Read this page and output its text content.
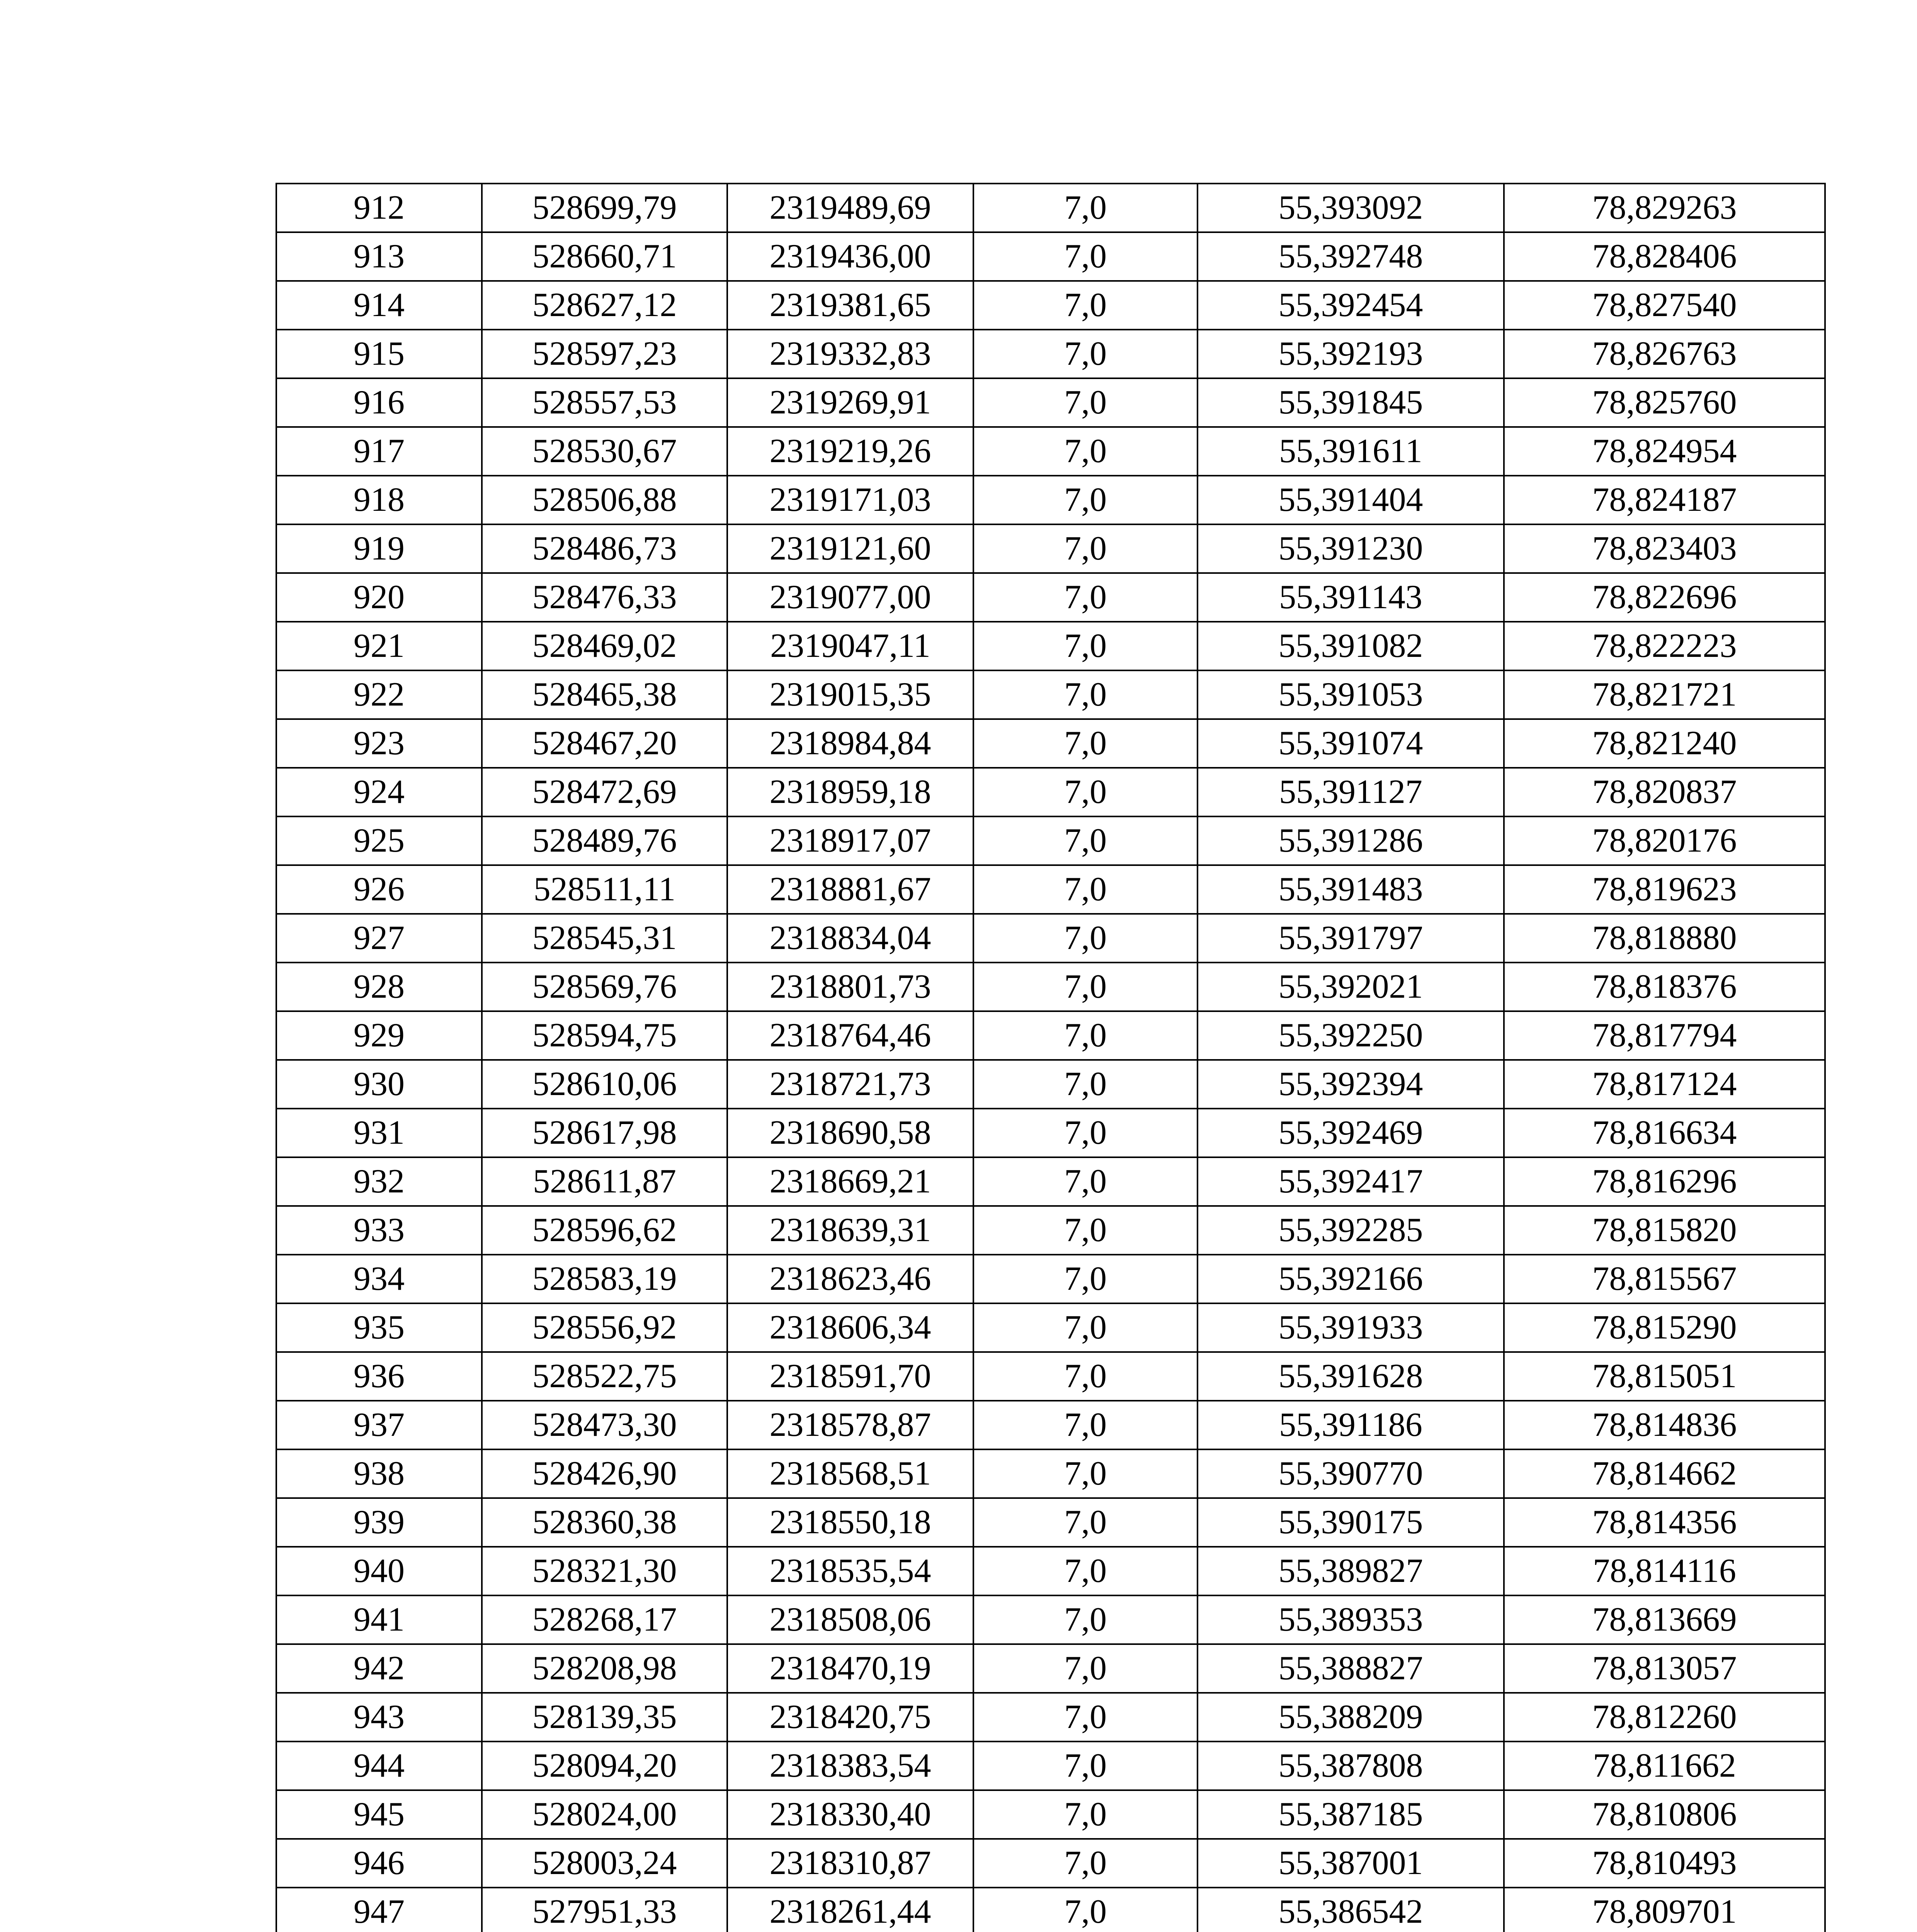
912	528699,79	2319489,69	7,0	55,393092	78,829263
913	528660,71	2319436,00	7,0	55,392748	78,828406
914	528627,12	2319381,65	7,0	55,392454	78,827540
915	528597,23	2319332,83	7,0	55,392193	78,826763
916	528557,53	2319269,91	7,0	55,391845	78,825760
917	528530,67	2319219,26	7,0	55,391611	78,824954
918	528506,88	2319171,03	7,0	55,391404	78,824187
919	528486,73	2319121,60	7,0	55,391230	78,823403
920	528476,33	2319077,00	7,0	55,391143	78,822696
921	528469,02	2319047,11	7,0	55,391082	78,822223
922	528465,38	2319015,35	7,0	55,391053	78,821721
923	528467,20	2318984,84	7,0	55,391074	78,821240
924	528472,69	2318959,18	7,0	55,391127	78,820837
925	528489,76	2318917,07	7,0	55,391286	78,820176
926	528511,11	2318881,67	7,0	55,391483	78,819623
927	528545,31	2318834,04	7,0	55,391797	78,818880
928	528569,76	2318801,73	7,0	55,392021	78,818376
929	528594,75	2318764,46	7,0	55,392250	78,817794
930	528610,06	2318721,73	7,0	55,392394	78,817124
931	528617,98	2318690,58	7,0	55,392469	78,816634
932	528611,87	2318669,21	7,0	55,392417	78,816296
933	528596,62	2318639,31	7,0	55,392285	78,815820
934	528583,19	2318623,46	7,0	55,392166	78,815567
935	528556,92	2318606,34	7,0	55,391933	78,815290
936	528522,75	2318591,70	7,0	55,391628	78,815051
937	528473,30	2318578,87	7,0	55,391186	78,814836
938	528426,90	2318568,51	7,0	55,390770	78,814662
939	528360,38	2318550,18	7,0	55,390175	78,814356
940	528321,30	2318535,54	7,0	55,389827	78,814116
941	528268,17	2318508,06	7,0	55,389353	78,813669
942	528208,98	2318470,19	7,0	55,388827	78,813057
943	528139,35	2318420,75	7,0	55,388209	78,812260
944	528094,20	2318383,54	7,0	55,387808	78,811662
945	528024,00	2318330,40	7,0	55,387185	78,810806
946	528003,24	2318310,87	7,0	55,387001	78,810493
947	527951,33	2318261,44	7,0	55,386542	78,809701
